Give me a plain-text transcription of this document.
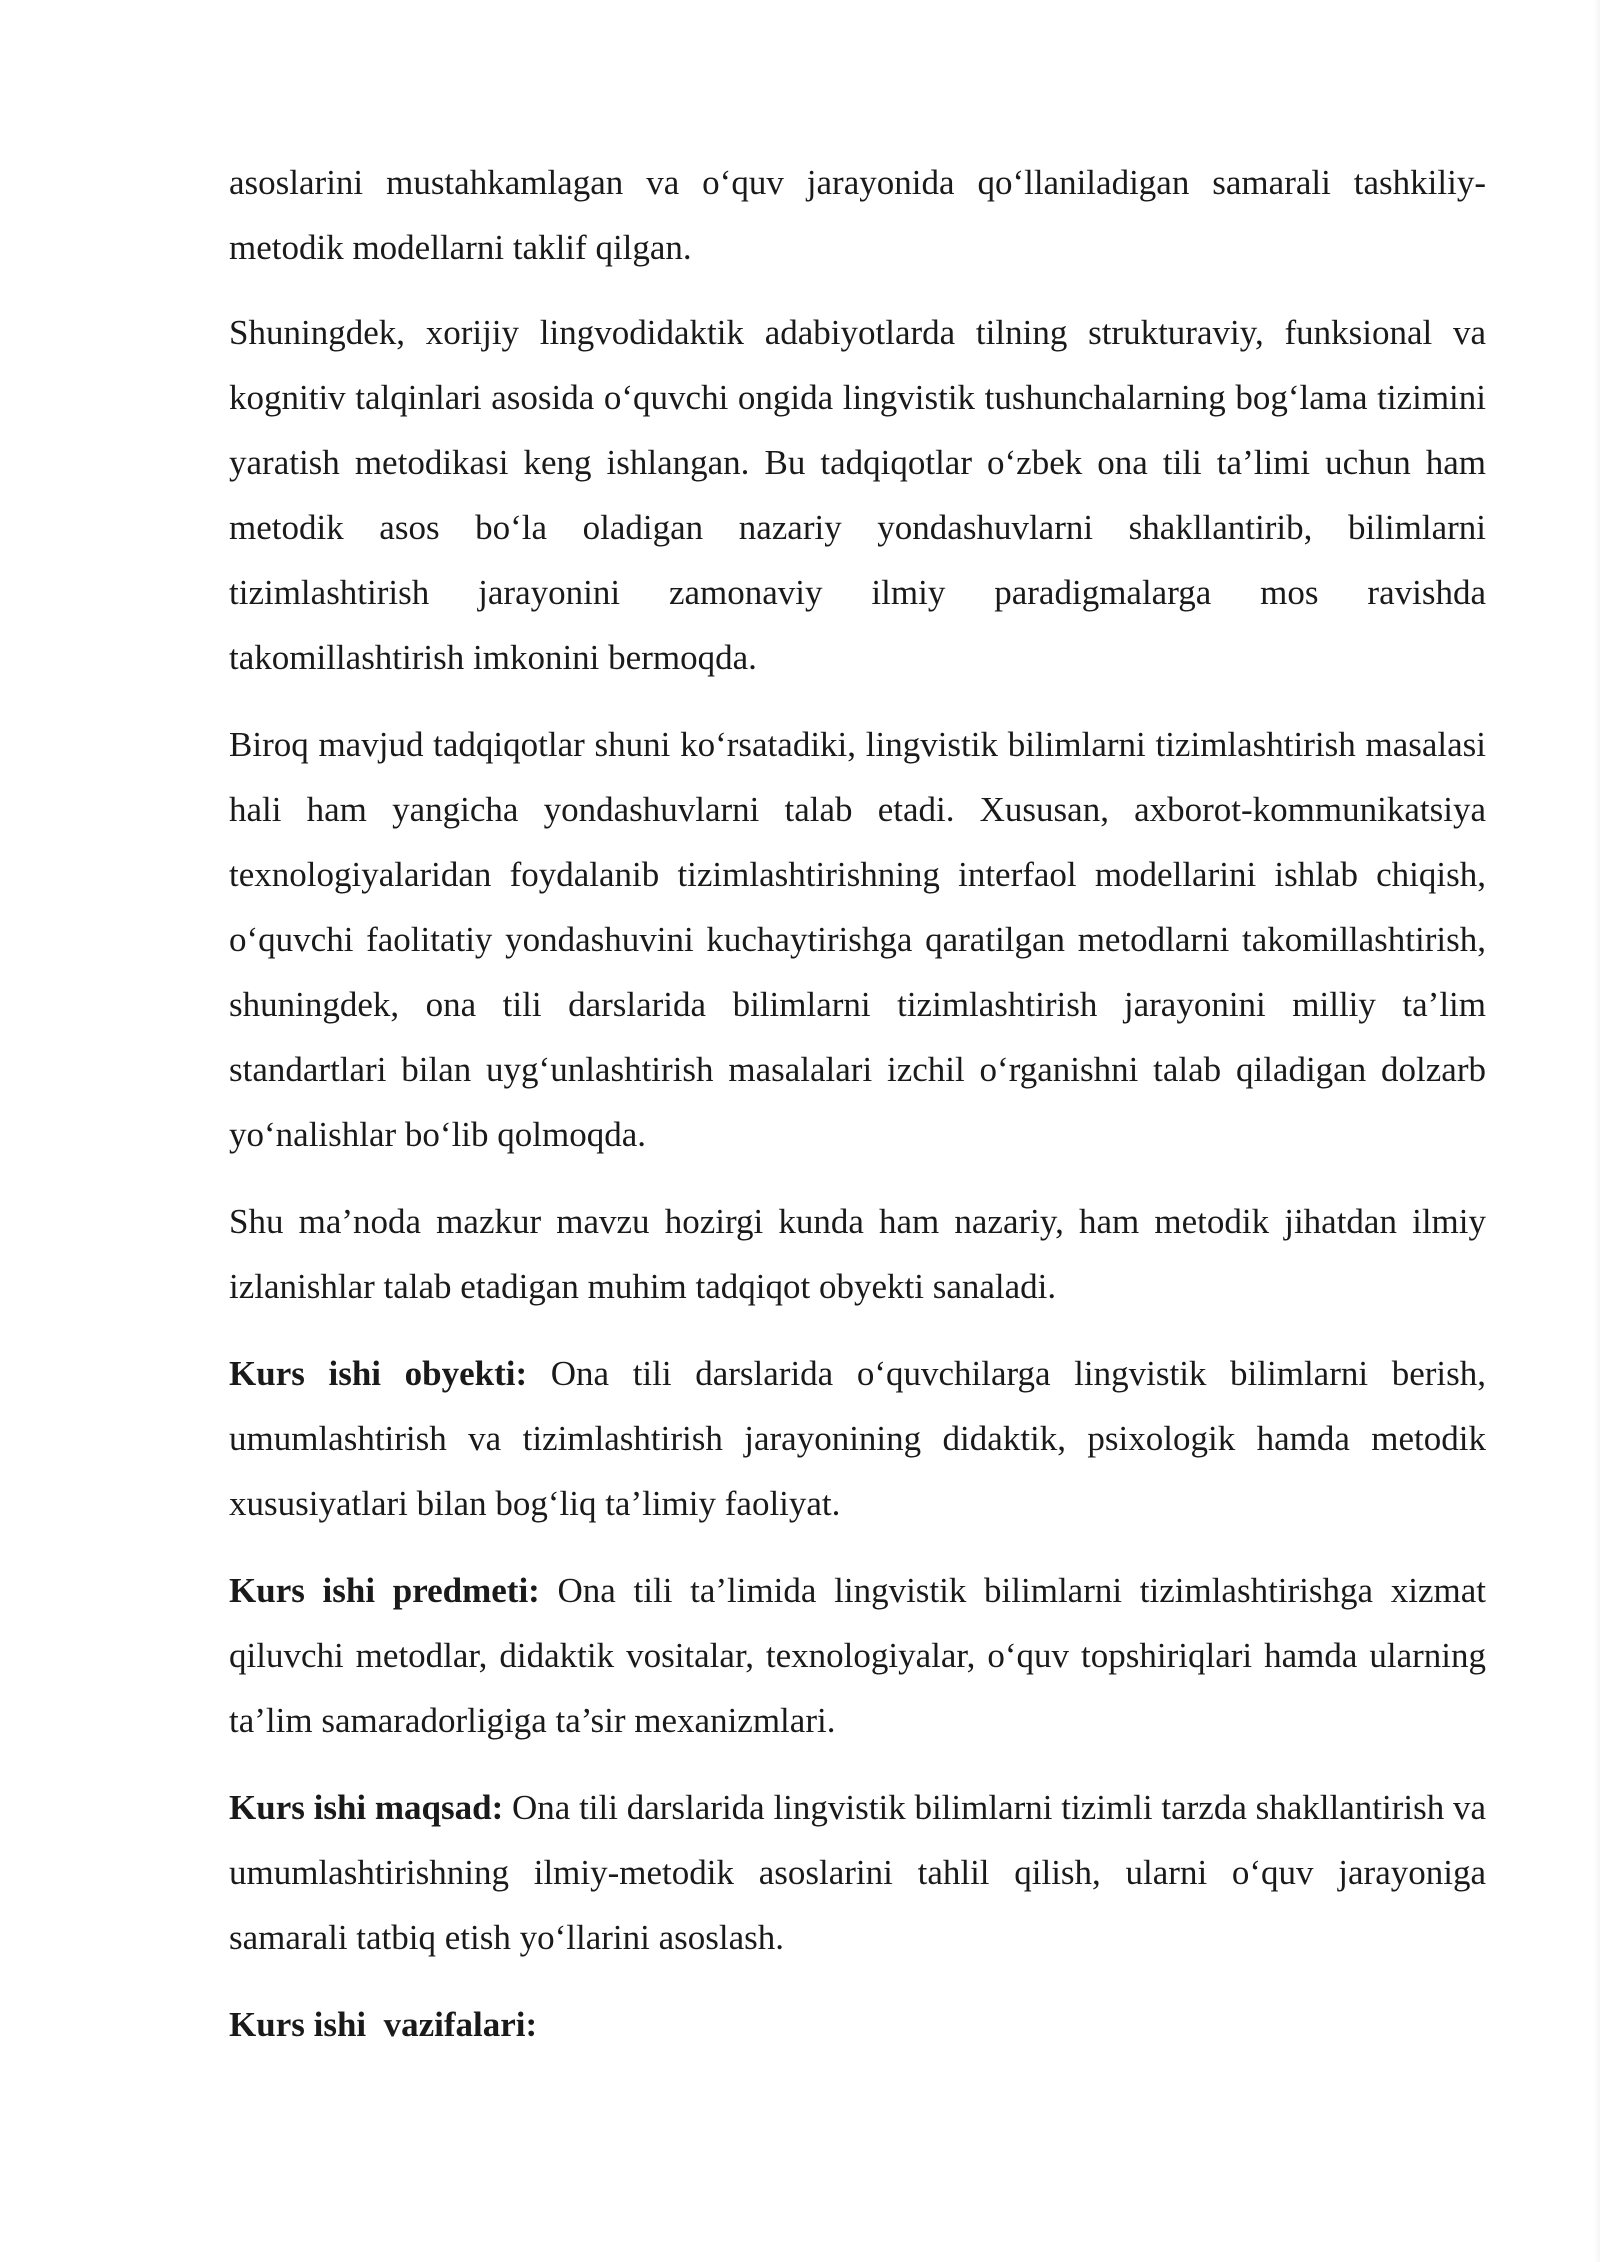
asoslarini mustahkamlagan va o‘quv jarayonida qo‘llaniladigan samarali tashkiliy-metodik modellarni taklif qilgan.

Shuningdek, xorijiy lingvodidaktik adabiyotlarda tilning strukturaviy, funksional va kognitiv talqinlari asosida o‘quvchi ongida lingvistik tushunchalarning bog‘lama tizimini yaratish metodikasi keng ishlangan. Bu tadqiqotlar o‘zbek ona tili ta’limi uchun ham metodik asos bo‘la oladigan nazariy yondashuvlarni shakllantirib, bilimlarni tizimlashtirish jarayonini zamonaviy ilmiy paradigmalarga mos ravishda takomillashtirish imkonini bermoqda.

Biroq mavjud tadqiqotlar shuni ko‘rsatadiki, lingvistik bilimlarni tizimlashtirish masalasi hali ham yangicha yondashuvlarni talab etadi. Xususan, axborot-kommunikatsiya texnologiyalaridan foydalanib tizimlashtirishning interfaol modellarini ishlab chiqish, o‘quvchi faolitatiy yondashuvini kuchaytirishga qaratilgan metodlarni takomillashtirish, shuningdek, ona tili darslarida bilimlarni tizimlashtirish jarayonini milliy ta’lim standartlari bilan uyg‘unlashtirish masalalari izchil o‘rganishni talab qiladigan dolzarb yo‘nalishlar bo‘lib qolmoqda.

Shu ma’noda mazkur mavzu hozirgi kunda ham nazariy, ham metodik jihatdan ilmiy izlanishlar talab etadigan muhim tadqiqot obyekti sanaladi.

Kurs ishi obyekti: Ona tili darslarida o‘quvchilarga lingvistik bilimlarni berish, umumlashtirish va tizimlashtirish jarayonining didaktik, psixologik hamda metodik xususiyatlari bilan bog‘liq ta’limiy faoliyat.

Kurs ishi predmeti: Ona tili ta’limida lingvistik bilimlarni tizimlashtirishga xizmat qiluvchi metodlar, didaktik vositalar, texnologiyalar, o‘quv topshiriqlari hamda ularning ta’lim samaradorligiga ta’sir mexanizmlari.

Kurs ishi maqsad: Ona tili darslarida lingvistik bilimlarni tizimli tarzda shakllantirish va umumlashtirishning ilmiy-metodik asoslarini tahlil qilish, ularni o‘quv jarayoniga samarali tatbiq etish yo‘llarini asoslash.

Kurs ishi  vazifalari:
